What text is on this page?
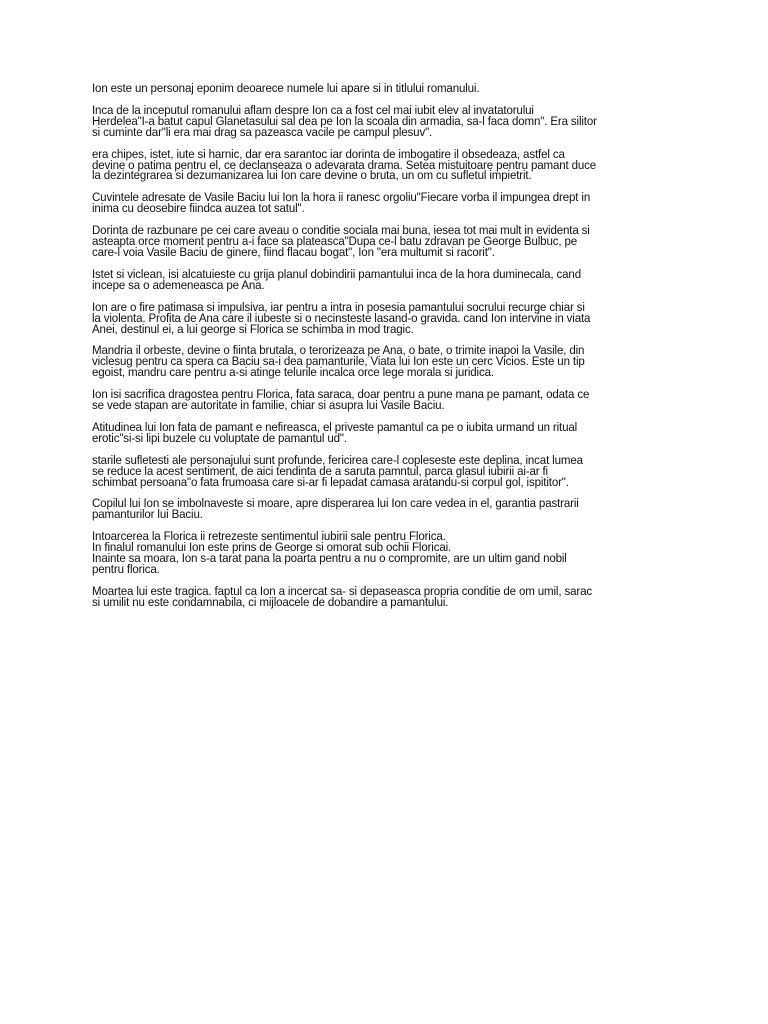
Ion este un personaj eponim deoarece numele lui apare si in titlului romanului.

Inca de la inceputul romanului aflam despre Ion ca a fost cel mai iubit elev al invatatorului
Herdelea"I-a batut capul Glanetasului sal dea pe Ion la scoala din armadia, sa-l faca domn". Era silitor
si cuminte dar"li era mai drag sa pazeasca vacile pe campul plesuv".

era chipes, istet, iute si harnic, dar era sarantoc iar dorinta de imbogatire il obsedeaza, astfel ca
devine o patima pentru el, ce declanseaza o adevarata drama. Setea mistuitoare pentru pamant duce
la dezintegrarea si dezumanizarea lui Ion care devine o bruta, un om cu sufletul impietrit.

Cuvintele adresate de Vasile Baciu lui Ion la hora ii ranesc orgoliu"Fiecare vorba il impungea drept in
inima cu deosebire fiindca auzea tot satul".

Dorinta de razbunare pe cei care aveau o conditie sociala mai buna, iesea tot mai mult in evidenta si
asteapta orce moment pentru a-i face sa plateasca"Dupa ce-l batu zdravan pe George Bulbuc, pe
care-l voia Vasile Baciu de ginere, fiind flacau bogat", Ion "era multumit si racorit".

Istet si viclean, isi alcatuieste cu grija planul dobindirii pamantului inca de la hora duminecala, cand
incepe sa o ademeneasca pe Ana.

Ion are o fire patimasa si impulsiva, iar pentru a intra in posesia pamantului socrului recurge chiar si
la violenta. Profita de Ana care il iubeste si o necinsteste lasand-o gravida. cand Ion intervine in viata
Anei, destinul ei, a lui george si Florica se schimba in mod tragic.

Mandria il orbeste, devine o fiinta brutala, o terorizeaza pe Ana, o bate, o trimite inapoi la Vasile, din
viclesug pentru ca spera ca Baciu sa-i dea pamanturile, Viata lui Ion este un cerc Vicios. Este un tip
egoist, mandru care pentru a-si atinge telurile incalca orce lege morala si juridica.

Ion isi sacrifica dragostea pentru Florica, fata saraca, doar pentru a pune mana pe pamant, odata ce
se vede stapan are autoritate in familie, chiar si asupra lui Vasile Baciu.

Atitudinea lui Ion fata de pamant e nefireasca, el priveste pamantul ca pe o iubita urmand un ritual
erotic"si-si lipi buzele cu voluptate de pamantul ud".

starile sufletesti ale personajului sunt profunde, fericirea care-l copleseste este deplina, incat lumea
se reduce la acest sentiment, de aici tendinta de a saruta pamntul, parca glasul iubirii ai-ar fi
schimbat persoana"o fata frumoasa care si-ar fi lepadat camasa aratandu-si corpul gol, ispititor".

Copilul lui Ion se imbolnaveste si moare, apre disperarea lui Ion care vedea in el, garantia pastrarii
pamanturilor lui Baciu.

Intoarcerea la Florica ii retrezeste sentimentul iubirii sale pentru Florica.
In finalul romanului Ion este prins de George si omorat sub ochii Floricai.
Inainte sa moara, Ion s-a tarat pana la poarta pentru a nu o compromite, are un ultim gand nobil
pentru florica.

Moartea lui este tragica. faptul ca Ion a incercat sa- si depaseasca propria conditie de om umil, sarac
si umilit nu este condamnabila, ci mijloacele de dobandire a pamantului.
